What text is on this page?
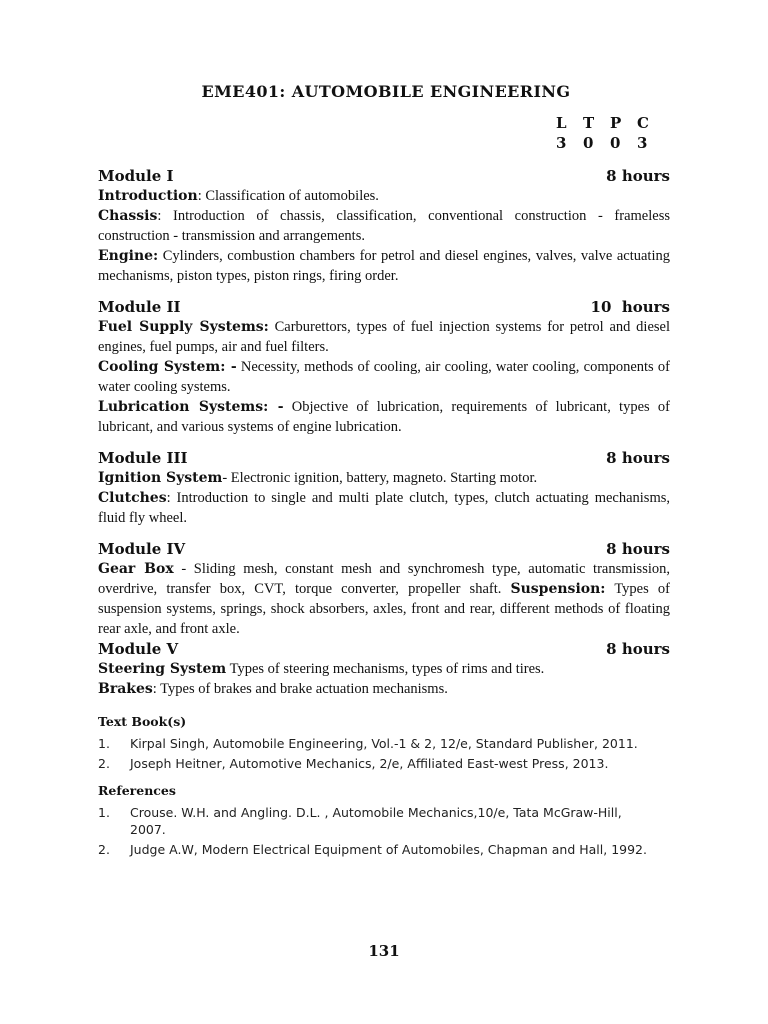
EME401: AUTOMOBILE ENGINEERING
L	T	P	C
3	0	0	3
Module I	8 hours
Introduction: Classification of automobiles.
Chassis: Introduction of chassis, classification, conventional construction - frameless construction - transmission and arrangements.
Engine: Cylinders, combustion chambers for petrol and diesel engines, valves, valve actuating mechanisms, piston types, piston rings, firing order.
Module II	10  hours
Fuel Supply Systems: Carburettors, types of fuel injection systems for petrol and diesel engines, fuel pumps, air and fuel filters.
Cooling System: - Necessity, methods of cooling, air cooling, water cooling, components of water cooling systems.
Lubrication Systems: - Objective of lubrication, requirements of lubricant, types of lubricant, and various systems of engine lubrication.
Module III	8 hours
Ignition System- Electronic ignition, battery, magneto. Starting motor.
Clutches: Introduction to single and multi plate clutch, types, clutch actuating mechanisms, fluid fly wheel.
Module IV	8 hours
Gear Box - Sliding mesh, constant mesh and synchromesh type, automatic transmission, overdrive, transfer box, CVT, torque converter, propeller shaft. Suspension: Types of suspension systems, springs, shock absorbers, axles, front and rear, different methods of floating rear axle, and front axle.
Module V	8 hours
Steering System Types of steering mechanisms, types of rims and tires.
Brakes: Types of brakes and brake actuation mechanisms.
Text Book(s)
1.	Kirpal Singh, Automobile Engineering, Vol.-1 & 2, 12/e, Standard Publisher, 2011.
2.	Joseph Heitner, Automotive Mechanics, 2/e, Affiliated East-west Press, 2013.
References
1.	Crouse. W.H. and Angling. D.L. , Automobile Mechanics,10/e, Tata McGraw-Hill,    2007.
2.	Judge A.W, Modern Electrical Equipment of Automobiles, Chapman and Hall, 1992.
131
